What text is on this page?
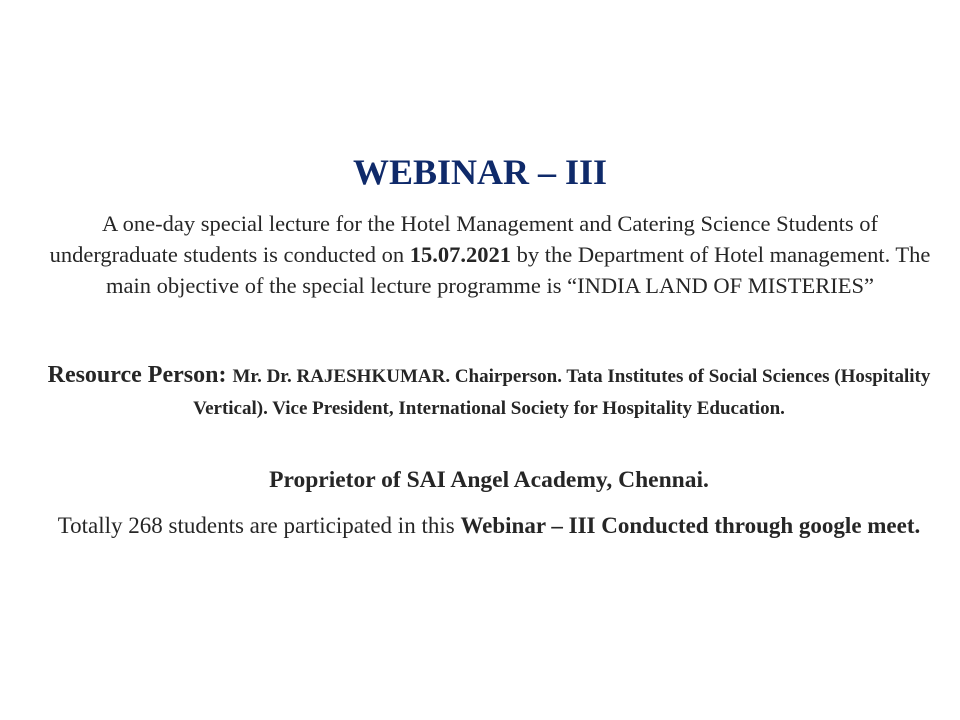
WEBINAR – III

A one-day special lecture for the Hotel Management and Catering Science Students of undergraduate students is conducted on 15.07.2021 by the Department of Hotel management. The main objective of the special lecture programme is “INDIA LAND OF MISTERIES”

Resource Person: Mr. Dr. RAJESHKUMAR. Chairperson. Tata Institutes of Social Sciences (Hospitality Vertical). Vice President, International Society for Hospitality Education.

Proprietor of SAI Angel Academy, Chennai.

Totally 268 students are participated in this Webinar – III Conducted through google meet.
